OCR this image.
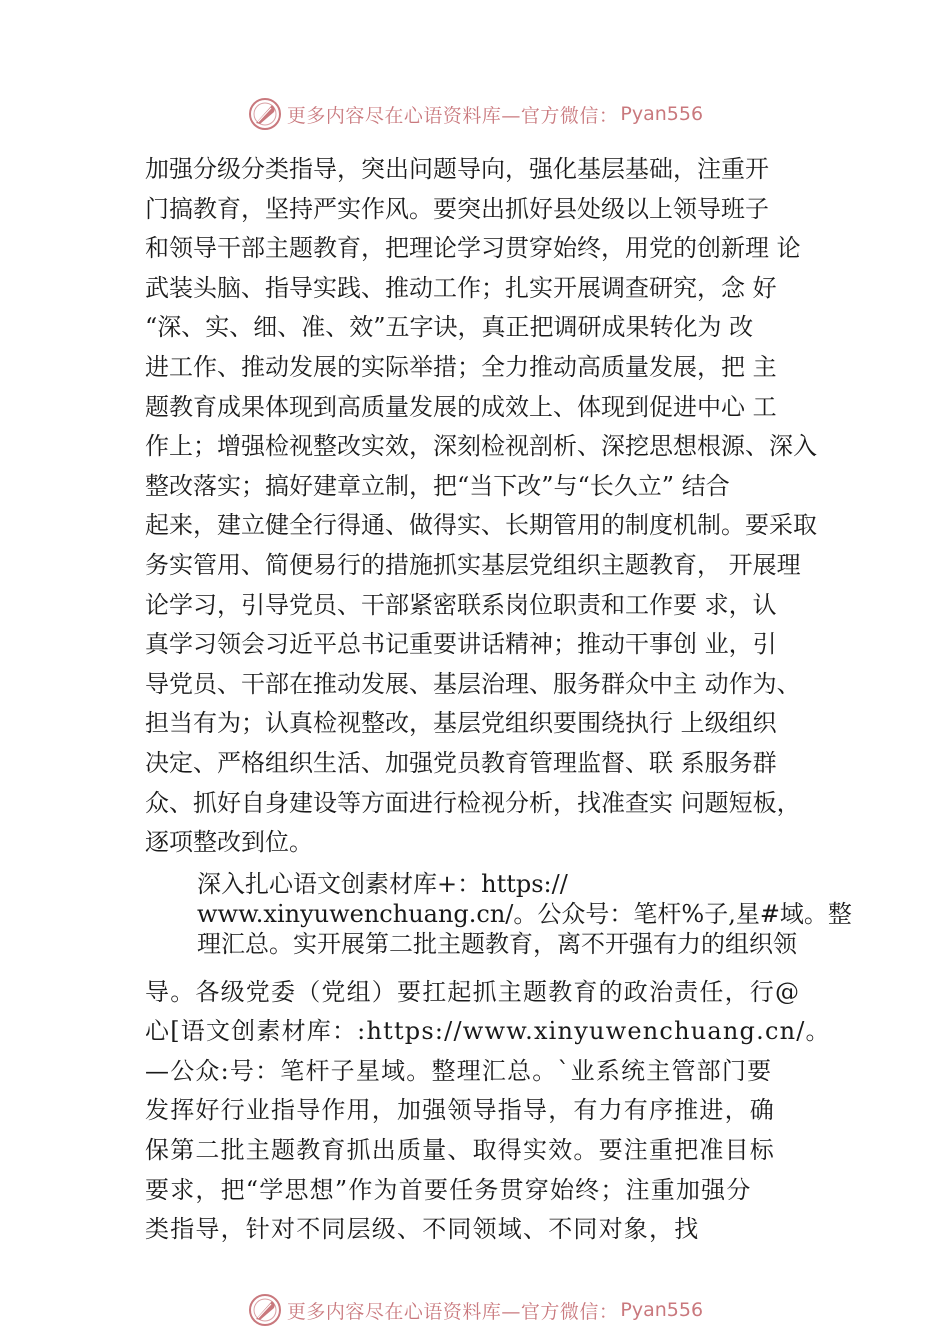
更多内容尽在心语资料库—官方微信： Pyan556
加强分级分类指导，突出问题导向，强化基层基础，注重开
门搞教育，坚持严实作风。要突出抓好县处级以上领导班子
和领导干部主题教育，把理论学习贯穿始终，用党的创新理 论
武装头脑、指导实践、推动工作；扎实开展调查研究，念 好
“深、实、细、准、效”五字诀，真正把调研成果转化为 改
进工作、推动发展的实际举措；全力推动高质量发展，把 主
题教育成果体现到高质量发展的成效上、体现到促进中心 工
作上；增强检视整改实效，深刻检视剖析、深挖思想根源、深入
整改落实；搞好建章立制，把“当下改”与“长久立” 结合
起来，建立健全行得通、做得实、长期管用的制度机制。要采取
务实管用、简便易行的措施抓实基层党组织主题教育， 开展理
论学习，引导党员、干部紧密联系岗位职责和工作要 求，认
真学习领会习近平总书记重要讲话精神；推动干事创 业，引
导党员、干部在推动发展、基层治理、服务群众中主 动作为、
担当有为；认真检视整改，基层党组织要围绕执行 上级组织
决定、严格组织生活、加强党员教育管理监督、联 系服务群
众、抓好自身建设等方面进行检视分析，找准查实 问题短板，
逐项整改到位。
深入扎心语文创素材库+：https://
www.xinyuwenchuang.cn/。公众号：笔杆%子,星#域。整
理汇总。实开展第二批主题教育，离不开强有力的组织领
导。各级党委（党组）要扛起抓主题教育的政治责任，行@
心[语文创素材库：:https://www.xinyuwenchuang.cn/。
—公众:号：笔杆子星域。整理汇总。`业系统主管部门要
发挥好行业指导作用，加强领导指导，有力有序推进，确
保第二批主题教育抓出质量、取得实效。要注重把准目标
要求，把“学思想”作为首要任务贯穿始终；注重加强分
类指导，针对不同层级、不同领域、不同对象，找
更多内容尽在心语资料库—官方微信： Pyan556
